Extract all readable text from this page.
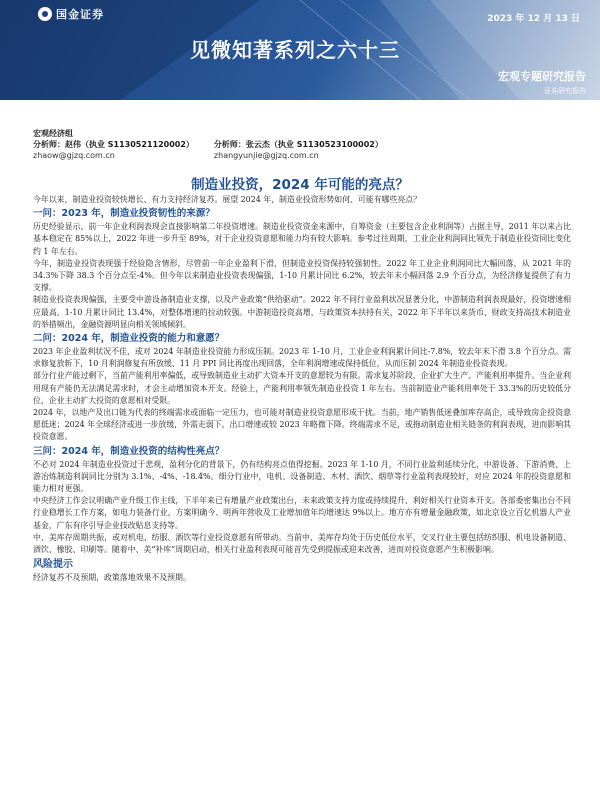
国金证券	2023 年 12 月 13 日
见微知著系列之六十三
宏观专题研究报告
证券研究报告
宏观经济组
分析师：赵伟（执业 S1130521120002）
zhaow@gjzq.com.cn
分析师：张云杰（执业 S1130523100002）
zhangyunjie@gjzq.com.cn
制造业投资，2024 年可能的亮点？

今年以来，制造业投资较快增长、有力支持经济复苏。展望 2024 年，制造业投资形势如何、可能有哪些亮点？

一问：2023 年，制造业投资韧性的来源？

历史经验显示，前一年企业利润表现会直接影响第二年投资增速。制造业投资资金来源中，自筹资金（主要包含企业利润等）占据主导，2011 年以来占比基本稳定在 85%以上，2022 年进一步升至 89%，对于企业投资意愿和能力均有较大影响。参考过往周期，工业企业利润同比领先于制造业投资同比变化约 1 年左右。

今年，制造业投资表现强于经验隐含情形，尽管前一年企业盈利下滑，但制造业投资保持较强韧性。2022 年工业企业利润同比大幅回落，从 2021 年的 34.3%下降 38.3 个百分点至-4%。但今年以来制造业投资表现偏强，1-10 月累计同比 6.2%，较去年末小幅回落 2.9 个百分点，为经济修复提供了有力支撑。

制造业投资表现偏强，主要受中游设备制造业支撑，以及产业政策“供给驱动”。2022 年不同行业盈利状况显著分化，中游制造利润表现最好，投资增速相应最高，1-10 月累计同比 13.4%，对整体增速的拉动较强。中游制造投资高增，与政策资本扶持有关，2022 年下半年以来货币、财政支持高技术制造业的举措频出，金融资源明显向相关领域倾斜。

二问：2024 年，制造业投资的能力和意愿？

2023 年企业盈利状况不佳，或对 2024 年制造业投资能力形成压制。2023 年 1-10 月，工业企业利润累计同比-7.8%，较去年末下滑 3.8 个百分点。需求修复放斩下，10 月利润修复有所放缓、11 月 PPI 同比再度出现回落，全年利润增速或保持低位，从而压制 2024 年制造业投资表现。

部分行业产能过剩下，当前产能利用率偏低，或导致制造业主动扩大资本开支的意愿较为有限。需求复苏阶段，企业扩大生产、产能利用率提升。当企业利用现有产能仍无法满足需求时，才会主动增加资本开支。经验上，产能利用率领先制造业投资 1 年左右。当前制造业产能利用率处于 33.3%的历史较低分位，企业主动扩大投资的意愿相对受限。

2024 年，以地产及出口链为代表的终端需求或面临一定压力，也可能对制造业投资意愿形成干扰。当前，地产销售低迷叠加库存高企，或导致房企投资意愿低迷；2024 年全球经济或进一步放缓，外需走弱下，出口增速或较 2023 年略微下降。终端需求不足，或拖动制造业相关链条的利润表现，进而影响其投资意愿。

三问：2024 年，制造业投资的结构性亮点？

不必对 2024 年制造业投资过于悲观，盈利分化的背景下，仍有结构亮点值得挖掘。2023 年 1-10 月，不同行业盈利延续分化，中游设备、下游消费、上游冶炼制造利润同比分别为 3.1%、-4%、-18.4%。细分行业中，电机、设备制造、木材、酒饮、烟草等行业盈利表现较好，对应 2024 年的投资意愿和能力相对更强。

中央经济工作会议明确产业升级工作主线，下半年来已有增量产业政策出台，未来政策支持力度或持续提升、利好相关行业资本开支。各部委密集出台不同行业稳增长工作方案，如电力装备行业，方案明确今、明两年营收及工业增加值年均增速达 9%以上。地方亦有增量金融政策，如北京设立百亿机器人产业基金，广东有序引导企业技改贴息支持等。

中、美库存周期共振，或对机电、纺服、酒饮等行业投资意愿有所带动。当前中、美库存均处于历史低位水平，交叉行业主要包括纺织服、机电设备制造、酒饮、橡胶、印刷等。随着中、美“补库”周期启动，相关行业盈利表现可能首先受到提振或迎来改善，进而对投资意愿产生积极影响。

风险提示

经济复苏不及预期，政策落地效果不及预期。
